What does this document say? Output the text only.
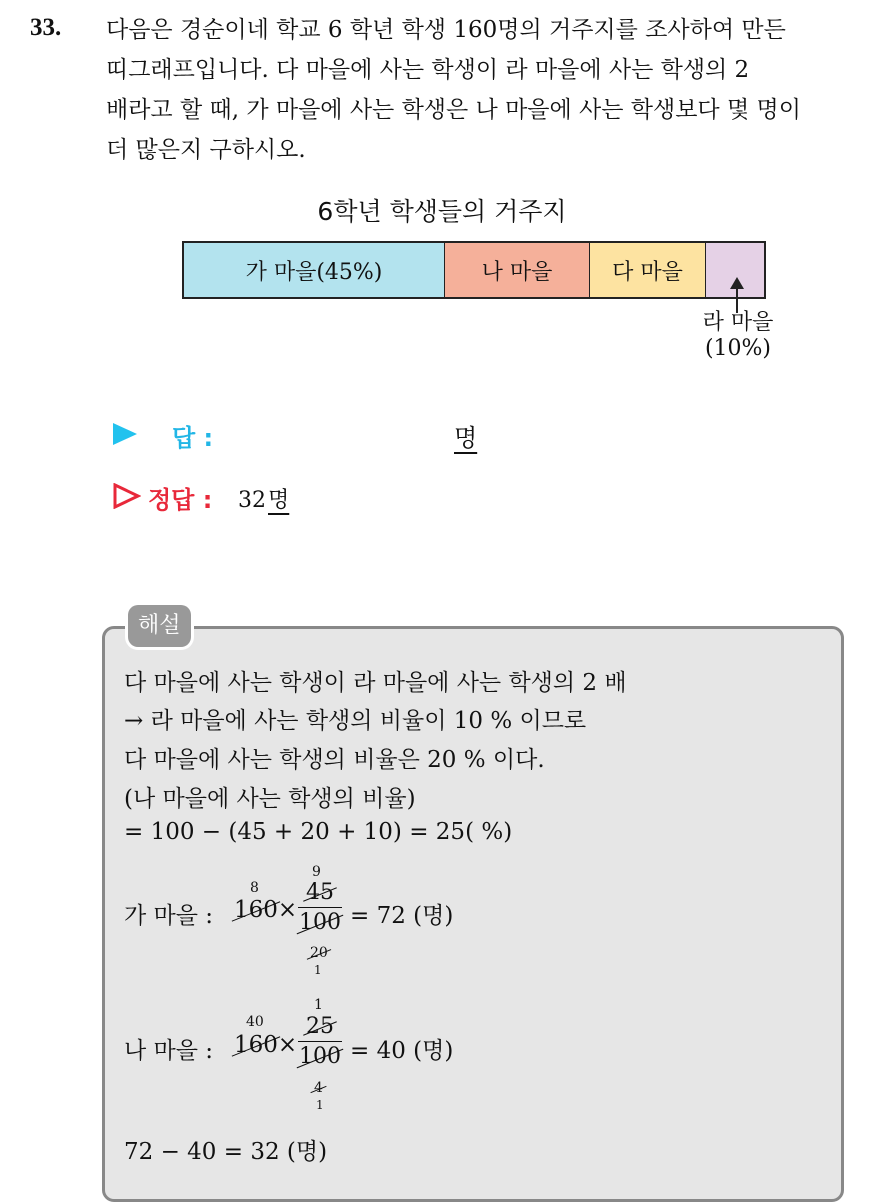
33. 다음은 경순이네 학교 6 학년 학생 160명의 거주지를 조사하여 만든
띠그래프입니다. 다 마을에 사는 학생이 라 마을에 사는 학생의 2
배라고 할 때, 가 마을에 사는 학생은 나 마을에 사는 학생보다 몇 명이
더 많은지 구하시오.
6학년 학생들의 거주지
가 마을(45%)	나 마을	다 마을
라 마을
(10%)
답 :	명
정답 : 32명
해설
다 마을에 사는 학생이 라 마을에 사는 학생의 2 배
→ 라 마을에 사는 학생의 비율이 10 % 이므로
다 마을에 사는 학생의 비율은 20 % 이다.
(나 마을에 사는 학생의 비율)
= 100 − (45 + 20 + 10) = 25( %)
가 마을 :
8
160×
9
45
100
20
1
= 72 (명)
나 마을 :
40
160×
1
25
100
4
1
= 40 (명)
72 − 40 = 32 (명)
